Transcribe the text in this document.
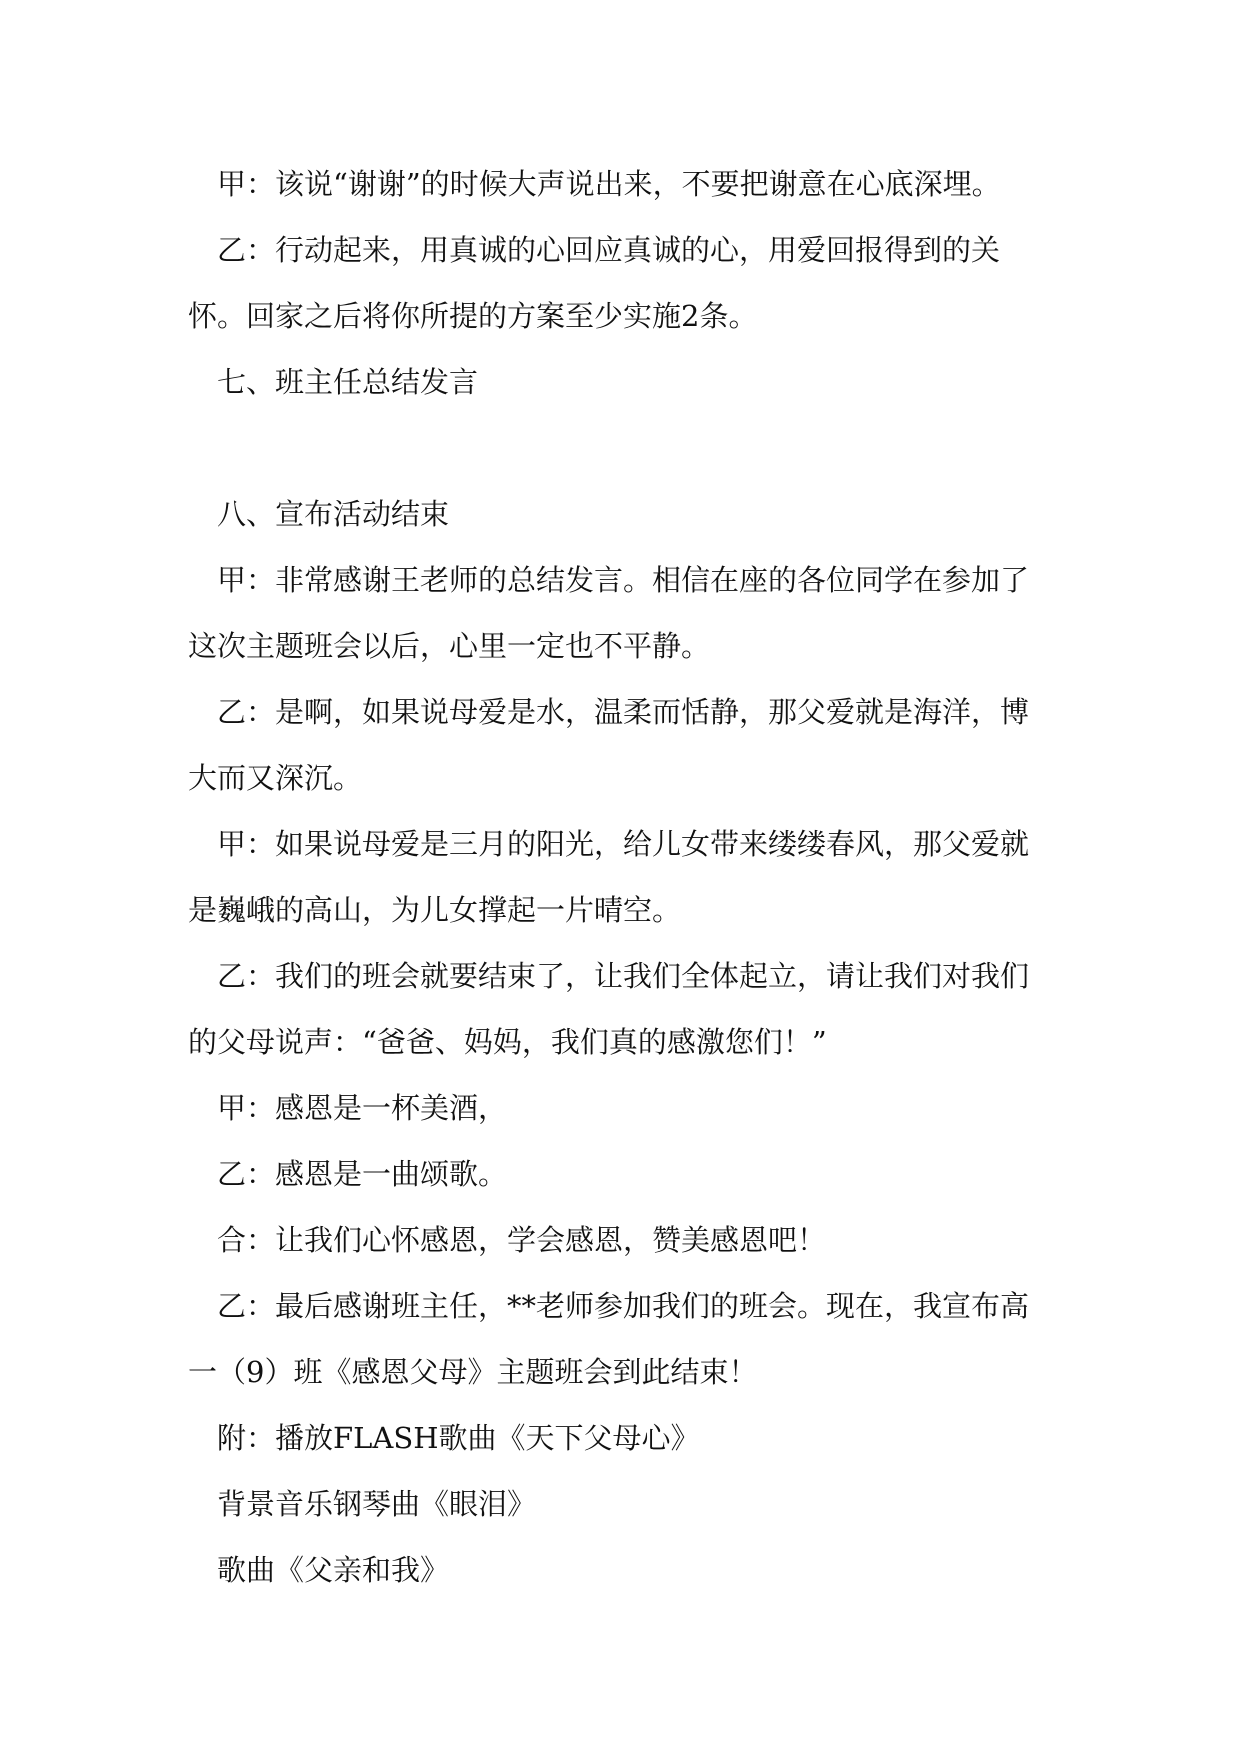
甲：该说“谢谢”的时候大声说出来，不要把谢意在心底深埋。

乙：行动起来，用真诚的心回应真诚的心，用爱回报得到的关怀。回家之后将你所提的方案至少实施2条。

七、班主任总结发言

八、宣布活动结束

甲：非常感谢王老师的总结发言。相信在座的各位同学在参加了这次主题班会以后，心里一定也不平静。

乙：是啊，如果说母爱是水，温柔而恬静，那父爱就是海洋，博大而又深沉。

甲：如果说母爱是三月的阳光，给儿女带来缕缕春风，那父爱就是巍峨的高山，为儿女撑起一片晴空。

乙：我们的班会就要结束了，让我们全体起立，请让我们对我们的父母说声：“爸爸、妈妈，我们真的感激您们！”

甲：感恩是一杯美酒，

乙：感恩是一曲颂歌。

合：让我们心怀感恩，学会感恩，赞美感恩吧！

乙：最后感谢班主任，**老师参加我们的班会。现在，我宣布高一（9）班《感恩父母》主题班会到此结束！

附：播放FLASH歌曲《天下父母心》

背景音乐钢琴曲《眼泪》

歌曲《父亲和我》
